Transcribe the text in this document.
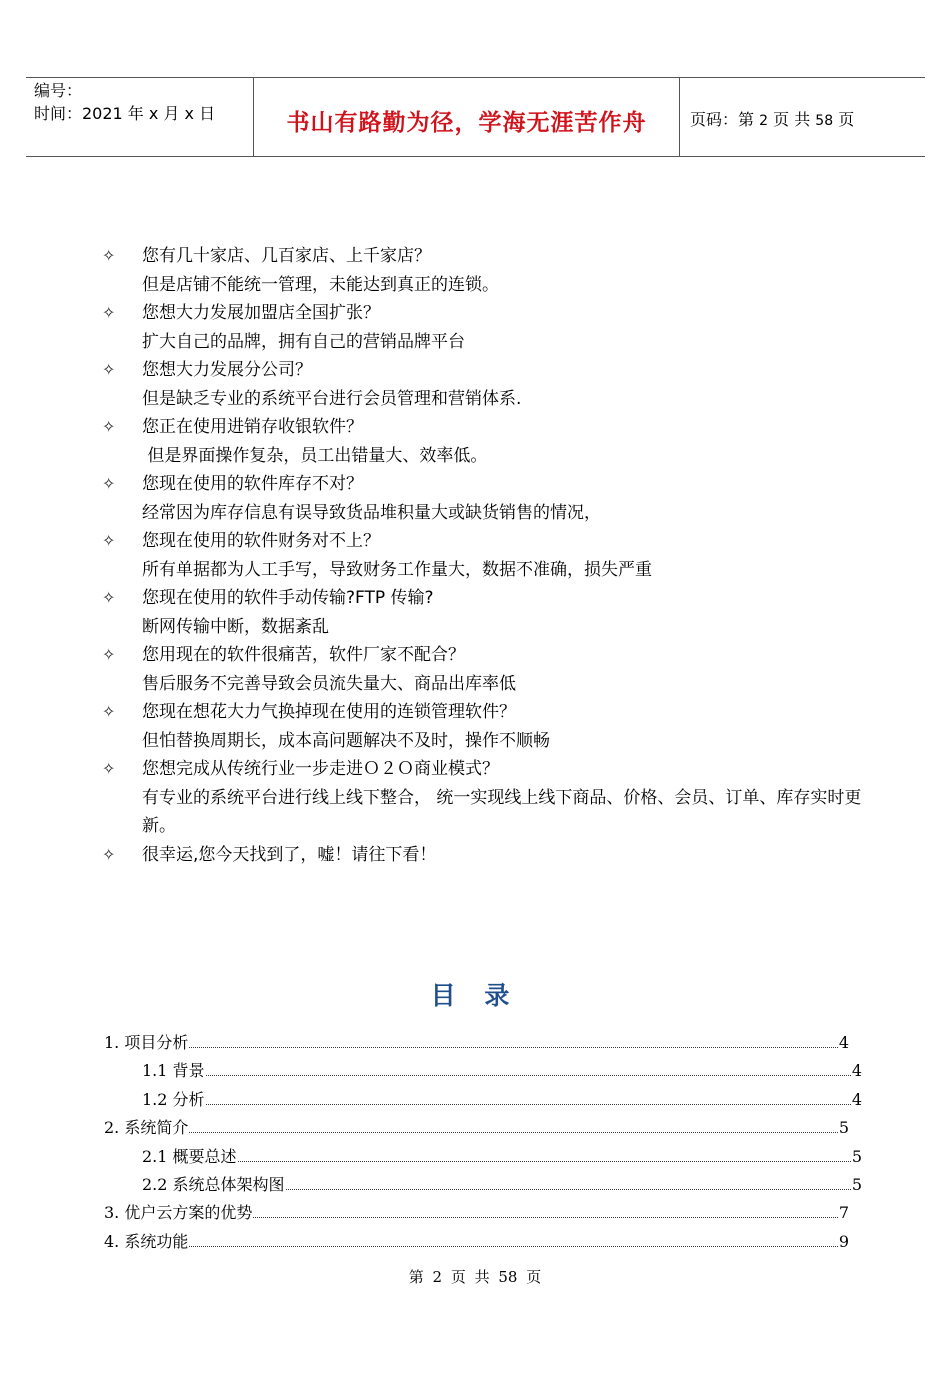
编号：
时间：2021 年 x 月 x 日	书山有路勤为径，学海无涯苦作舟	页码：第 2 页 共 58 页
✧	您有几十家店、几百家店、上千家店？
但是店铺不能统一管理，未能达到真正的连锁。
✧	您想大力发展加盟店全国扩张？
扩大自己的品牌，拥有自己的营销品牌平台
✧	您想大力发展分公司？
但是缺乏专业的系统平台进行会员管理和营销体系.
✧	您正在使用进销存收银软件？
但是界面操作复杂，员工出错量大、效率低。
✧	您现在使用的软件库存不对？
经常因为库存信息有误导致货品堆积量大或缺货销售的情况，
✧	您现在使用的软件财务对不上？
所有单据都为人工手写，导致财务工作量大，数据不准确，损失严重
✧	您现在使用的软件手动传输?FTP 传输?
断网传输中断，数据紊乱
✧	您用现在的软件很痛苦，软件厂家不配合？
售后服务不完善导致会员流失量大、商品出库率低
✧	您现在想花大力气换掉现在使用的连锁管理软件？
但怕替换周期长，成本高问题解决不及时，操作不顺畅
✧	您想完成从传统行业一步走进Ｏ２Ｏ商业模式？
有专业的系统平台进行线上线下整合， 统一实现线上线下商品、价格、会员、订单、库存实时更新。
✧	很幸运,您今天找到了，嘘！请往下看！
目 录
1. 项目分析	4
1.1 背景	4
1.2 分析	4
2. 系统简介	5
2.1 概要总述	5
2.2 系统总体架构图	5
3. 优户云方案的优势	7
4. 系统功能	9
第 2 页 共 58 页
